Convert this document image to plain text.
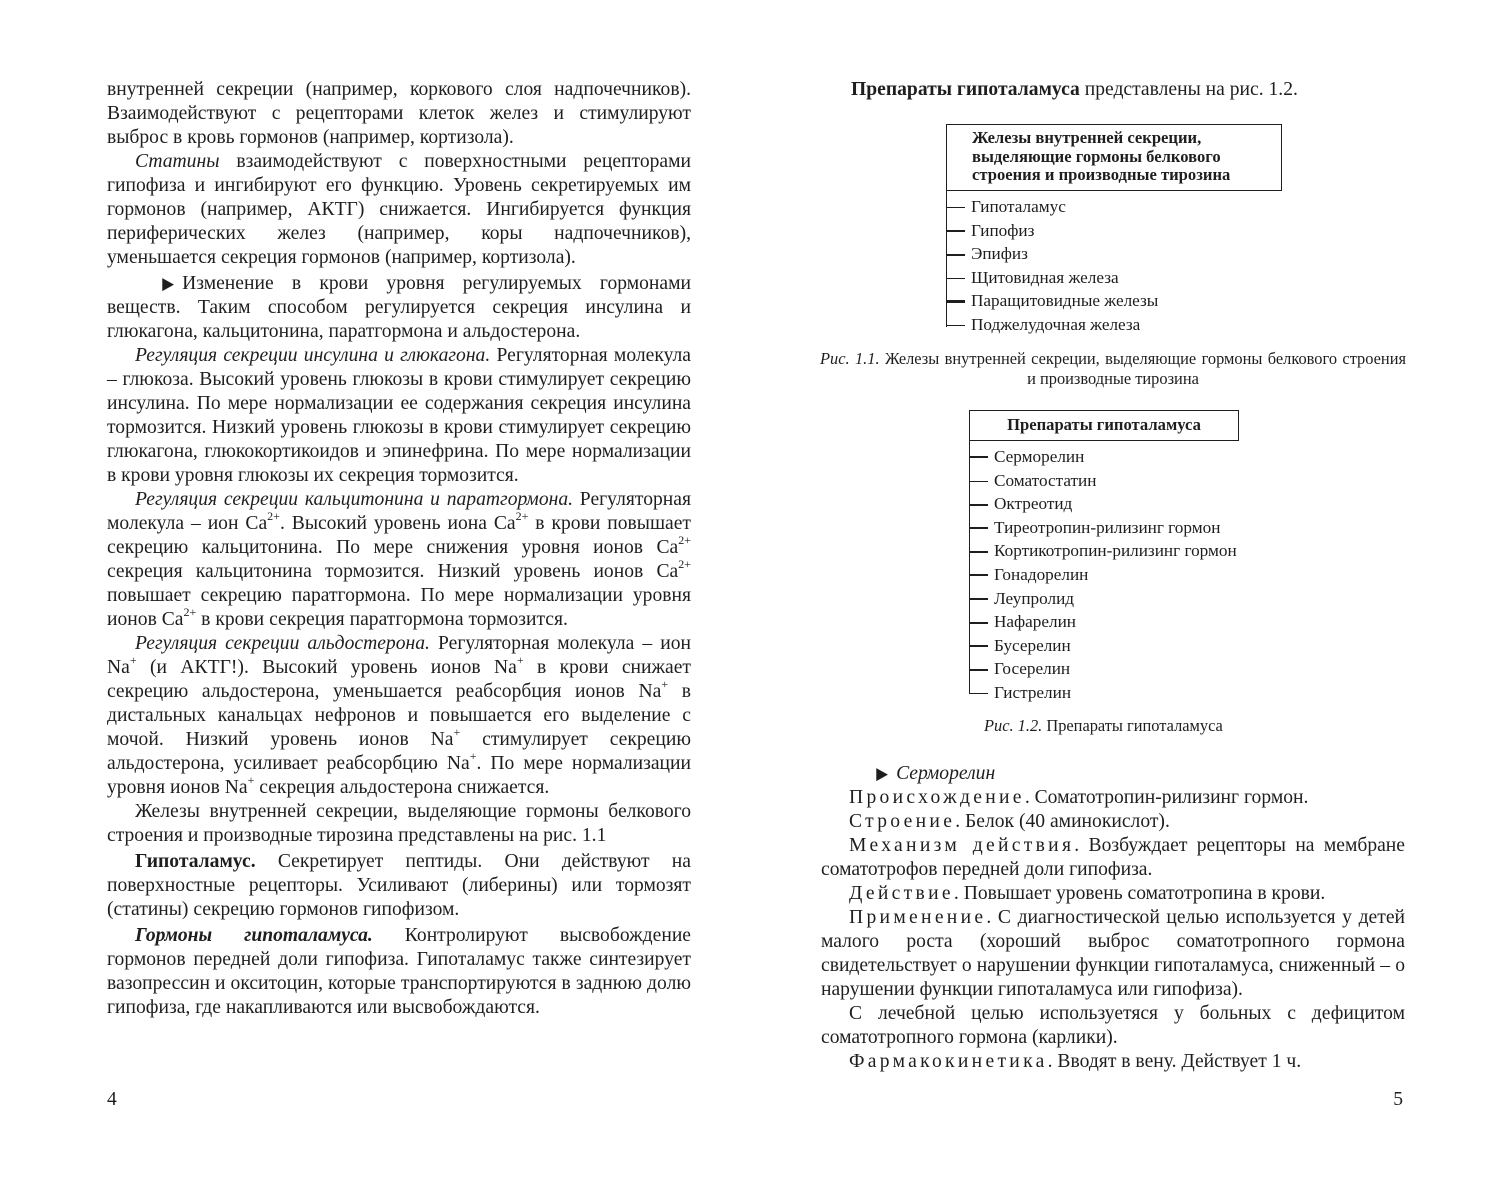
внутренней секреции (например, коркового слоя надпочечников). Взаимодействуют с рецепторами клеток желез и стимулируют выброс в кровь гормонов (например, кортизола).

Статины взаимодействуют с поверхностными рецепторами гипофиза и ингибируют его функцию. Уровень секретируемых им гормонов (например, АКТГ) снижается. Ингибируется функция периферических желез (например, коры надпочечников), уменьшается секреция гормонов (например, кортизола).

▶ Изменение в крови уровня регулируемых гормонами веществ. Таким способом регулируется секреция инсулина и глюкагона, кальцитонина, паратгормона и альдостерона.

Регуляция секреции инсулина и глюкагона. Регуляторная молекула – глюкоза. Высокий уровень глюкозы в крови стимулирует секрецию инсулина. По мере нормализации ее содержания секреция инсулина тормозится. Низкий уровень глюкозы в крови стимулирует секрецию глюкагона, глюкокортикоидов и эпинефрина. По мере нормализации в крови уровня глюкозы их секреция тормозится.

Регуляция секреции кальцитонина и паратгормона. Регуляторная молекула – ион $Ca^{2+}$. Высокий уровень иона $Ca^{2+}$ в крови повышает секрецию кальцитонина. По мере снижения уровня ионов $Ca^{2+}$ секреция кальцитонина тормозится. Низкий уровень ионов $Ca^{2+}$ повышает секрецию паратгормона. По мере нормализации уровня ионов $Ca^{2+}$ в крови секреция паратгормона тормозится.

Регуляция секреции альдостерона. Регуляторная молекула – ион Na+ (и АКТГ!). Высокий уровень ионов Na+ в крови снижает секрецию альдостерона, уменьшается реабсорбция ионов Na+ в дистальных канальцах нефронов и повышается его выделение с мочой. Низкий уровень ионов Na+ стимулирует секрецию альдостерона, усиливает реабсорбцию Na+. По мере нормализации уровня ионов Na+ секреция альдостерона снижается.

Железы внутренней секреции, выделяющие гормоны белкового строения и производные тирозина представлены на рис. 1.1

Гипоталамус. Секретирует пептиды. Они действуют на поверхностные рецепторы. Усиливают (либерины) или тормозят (статины) секрецию гормонов гипофизом.

Гормоны гипоталамуса. Контролируют высвобождение гормонов передней доли гипофиза. Гипоталамус также синтезирует вазопрессин и окситоцин, которые транспортируются в заднюю долю гипофиза, где накапливаются или высвобождаются.

4

Препараты гипоталамуса представлены на рис. 1.2.

Железы внутренней секреции,
выделяющие гормоны белкового
строения и производные тирозина
Гипоталамус
Гипофиз
Эпифиз
Щитовидная железа
Паращитовидные железы
Поджелудочная железа
Рис. 1.1. Железы внутренней секреции, выделяющие гормоны белкового строения и производные тирозина
Препараты гипоталамуса
Серморелин
Соматостатин
Октреотид
Тиреотропин-рилизинг гормон
Кортикотропин-рилизинг гормон
Гонадорелин
Леупролид
Нафарелин
Бусерелин
Госерелин
Гистрелин
Рис. 1.2. Препараты гипоталамуса

▶ Серморелин

Происхождение. Соматотропин-рилизинг гормон.

Строение. Белок (40 аминокислот).

Механизм действия. Возбуждает рецепторы на мембране соматотрофов передней доли гипофиза.

Действие. Повышает уровень соматотропина в крови.

Применение. С диагностической целью используется у детей малого роста (хороший выброс соматотропного гормона свидетельствует о нарушении функции гипоталамуса, сниженный – о нарушении функции гипоталамуса или гипофиза).

С лечебной целью используетяся у больных с дефицитом соматотропного гормона (карлики).

Фармакокинетика. Вводят в вену. Действует 1 ч.

5
